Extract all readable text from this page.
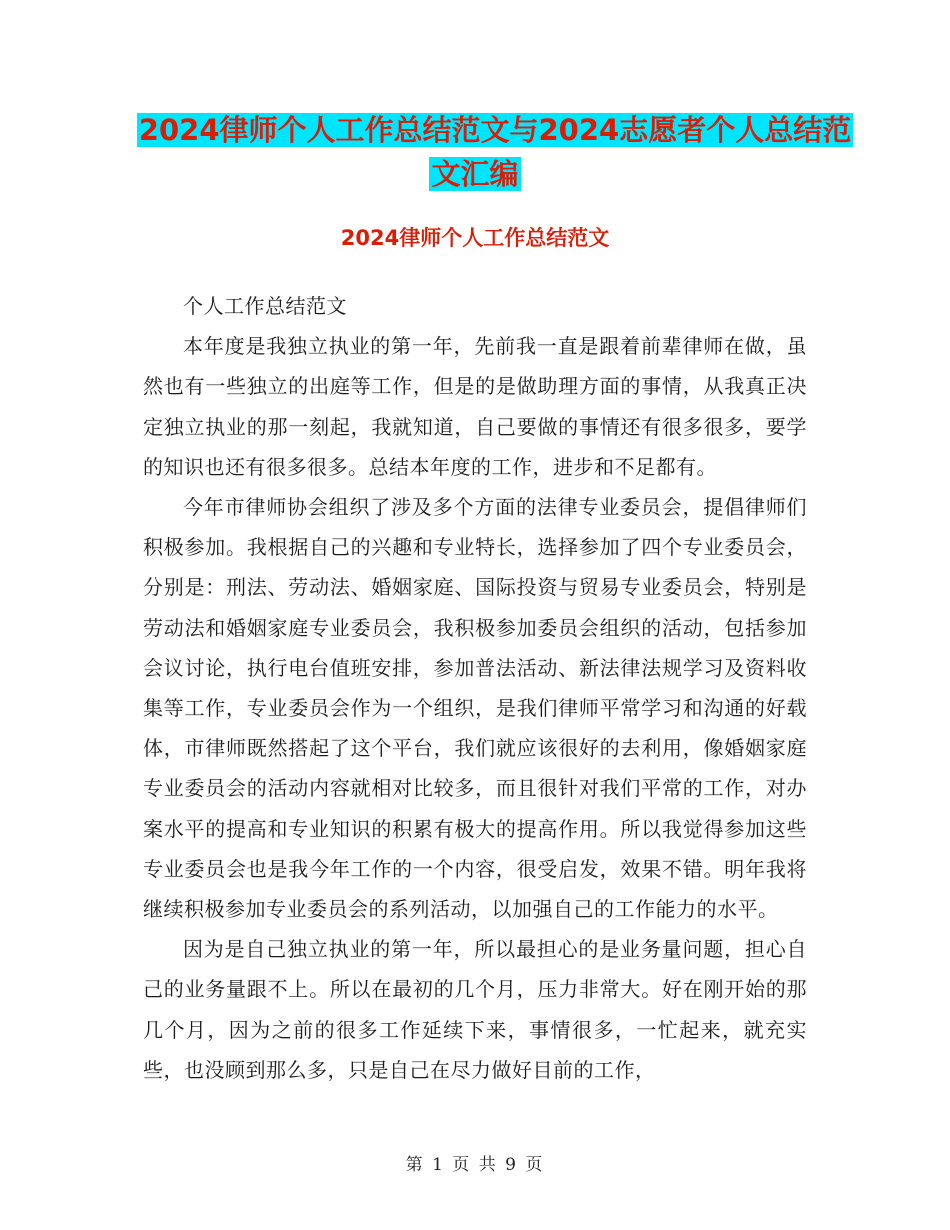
2024律师个人工作总结范文与2024志愿者个人总结范
文汇编
2024律师个人工作总结范文

个人工作总结范文

本年度是我独立执业的第一年，先前我一直是跟着前辈律师在做，虽然也有一些独立的出庭等工作，但是的是做助理方面的事情，从我真正决定独立执业的那一刻起，我就知道，自己要做的事情还有很多很多，要学的知识也还有很多很多。总结本年度的工作，进步和不足都有。

今年市律师协会组织了涉及多个方面的法律专业委员会，提倡律师们积极参加。我根据自己的兴趣和专业特长，选择参加了四个专业委员会，分别是：刑法、劳动法、婚姻家庭、国际投资与贸易专业委员会，特别是劳动法和婚姻家庭专业委员会，我积极参加委员会组织的活动，包括参加会议讨论，执行电台值班安排，参加普法活动、新法律法规学习及资料收集等工作，专业委员会作为一个组织，是我们律师平常学习和沟通的好载体，市律师既然搭起了这个平台，我们就应该很好的去利用，像婚姻家庭专业委员会的活动内容就相对比较多，而且很针对我们平常的工作，对办案水平的提高和专业知识的积累有极大的提高作用。所以我觉得参加这些专业委员会也是我今年工作的一个内容，很受启发，效果不错。明年我将继续积极参加专业委员会的系列活动，以加强自己的工作能力的水平。

因为是自己独立执业的第一年，所以最担心的是业务量问题，担心自己的业务量跟不上。所以在最初的几个月，压力非常大。好在刚开始的那几个月，因为之前的很多工作延续下来，事情很多，一忙起来，就充实些，也没顾到那么多，只是自己在尽力做好目前的工作，

第 1 页 共 9 页
